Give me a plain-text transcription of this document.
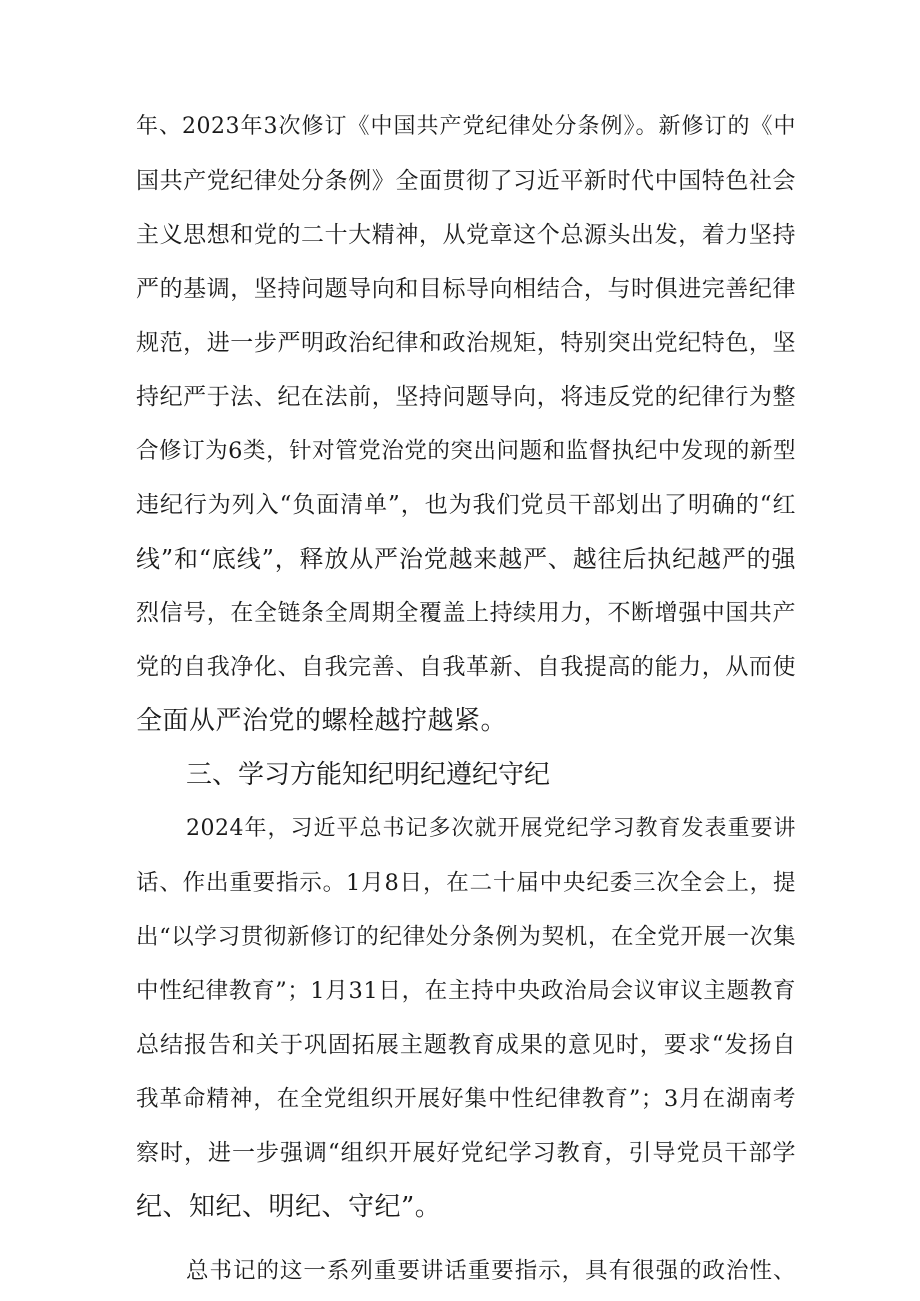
年、2023年3次修订《中国共产党纪律处分条例》。新修订的《中
国共产党纪律处分条例》全面贯彻了习近平新时代中国特色社会
主义思想和党的二十大精神，从党章这个总源头出发，着力坚持
严的基调，坚持问题导向和目标导向相结合，与时俱进完善纪律
规范，进一步严明政治纪律和政治规矩，特别突出党纪特色，坚
持纪严于法、纪在法前，坚持问题导向，将违反党的纪律行为整
合修订为6类，针对管党治党的突出问题和监督执纪中发现的新型
违纪行为列入“负面清单”，也为我们党员干部划出了明确的“红
线”和“底线”，释放从严治党越来越严、越往后执纪越严的强
烈信号，在全链条全周期全覆盖上持续用力，不断增强中国共产
党的自我净化、自我完善、自我革新、自我提高的能力，从而使
全面从严治党的螺栓越拧越紧。
三、学习方能知纪明纪遵纪守纪
2024年，习近平总书记多次就开展党纪学习教育发表重要讲
话、作出重要指示。1月8日，在二十届中央纪委三次全会上，提
出“以学习贯彻新修订的纪律处分条例为契机，在全党开展一次集
中性纪律教育”；1月31日，在主持中央政治局会议审议主题教育
总结报告和关于巩固拓展主题教育成果的意见时，要求“发扬自
我革命精神，在全党组织开展好集中性纪律教育”；3月在湖南考
察时，进一步强调“组织开展好党纪学习教育，引导党员干部学
纪、知纪、明纪、守纪”。
总书记的这一系列重要讲话重要指示，具有很强的政治性、
